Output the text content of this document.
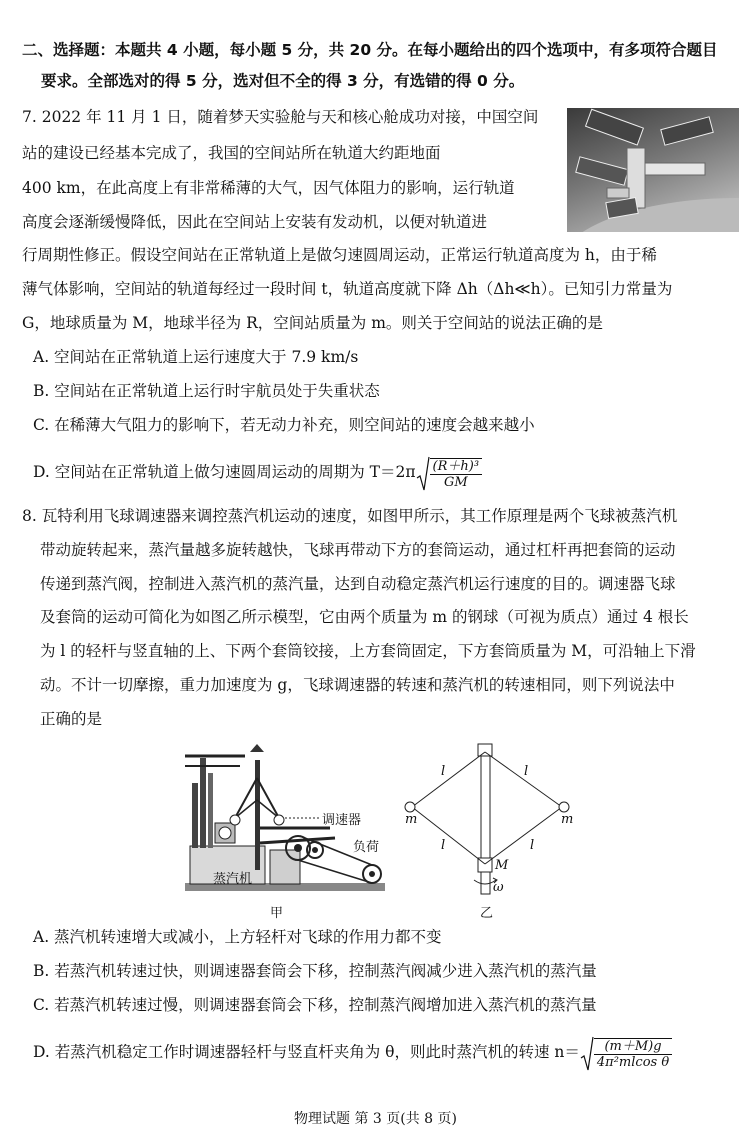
二、选择题：本题共 4 小题，每小题 5 分，共 20 分。在每小题给出的四个选项中，有多项符合题目
要求。全部选对的得 5 分，选对但不全的得 3 分，有选错的得 0 分。
7. 2022 年 11 月 1 日，随着梦天实验舱与天和核心舱成功对接，中国空间
站的建设已经基本完成了，我国的空间站所在轨道大约距地面
400 km，在此高度上有非常稀薄的大气，因气体阻力的影响，运行轨道
高度会逐渐缓慢降低，因此在空间站上安装有发动机，以便对轨道进
行周期性修正。假设空间站在正常轨道上是做匀速圆周运动，正常运行轨道高度为 h，由于稀
薄气体影响，空间站的轨道每经过一段时间 t，轨道高度就下降 Δh（Δh≪h）。已知引力常量为
G，地球质量为 M，地球半径为 R，空间站质量为 m。则关于空间站的说法正确的是
A. 空间站在正常轨道上运行速度大于 7.9 km/s
B. 空间站在正常轨道上运行时宇航员处于失重状态
C. 在稀薄大气阻力的影响下，若无动力补充，则空间站的速度会越来越小
D. 空间站在正常轨道上做匀速圆周运动的周期为 $T=2\pi \frac{\text{(R＋h)³}}{GM}$
8. 瓦特利用飞球调速器来调控蒸汽机运动的速度，如图甲所示，其工作原理是两个飞球被蒸汽机
带动旋转起来，蒸汽量越多旋转越快，飞球再带动下方的套筒运动，通过杠杆再把套筒的运动
传递到蒸汽阀，控制进入蒸汽机的蒸汽量，达到自动稳定蒸汽机运行速度的目的。调速器飞球
及套筒的运动可简化为如图乙所示模型，它由两个质量为 m 的钢球（可视为质点）通过 4 根长
为 l 的轻杆与竖直轴的上、下两个套筒铰接，上方套筒固定，下方套筒质量为 M，可沿轴上下滑
动。不计一切摩擦，重力加速度为 g，飞球调速器的转速和蒸汽机的转速相同，则下列说法中
正确的是
调速器
负荷
蒸汽机
甲
l	l
l	l
m	m
M
ω
乙
A. 蒸汽机转速增大或减小，上方轻杆对飞球的作用力都不变
B. 若蒸汽机转速过快，则调速器套筒会下移，控制蒸汽阀减少进入蒸汽机的蒸汽量
C. 若蒸汽机转速过慢，则调速器套筒会下移，控制蒸汽阀增加进入蒸汽机的蒸汽量
D. 若蒸汽机稳定工作时调速器轻杆与竖直杆夹角为 θ，则此时蒸汽机的转速 $n= \frac{(m+M)g}{\text{4π²mlcos θ}}$
物理试题 第 3 页(共 8 页)
